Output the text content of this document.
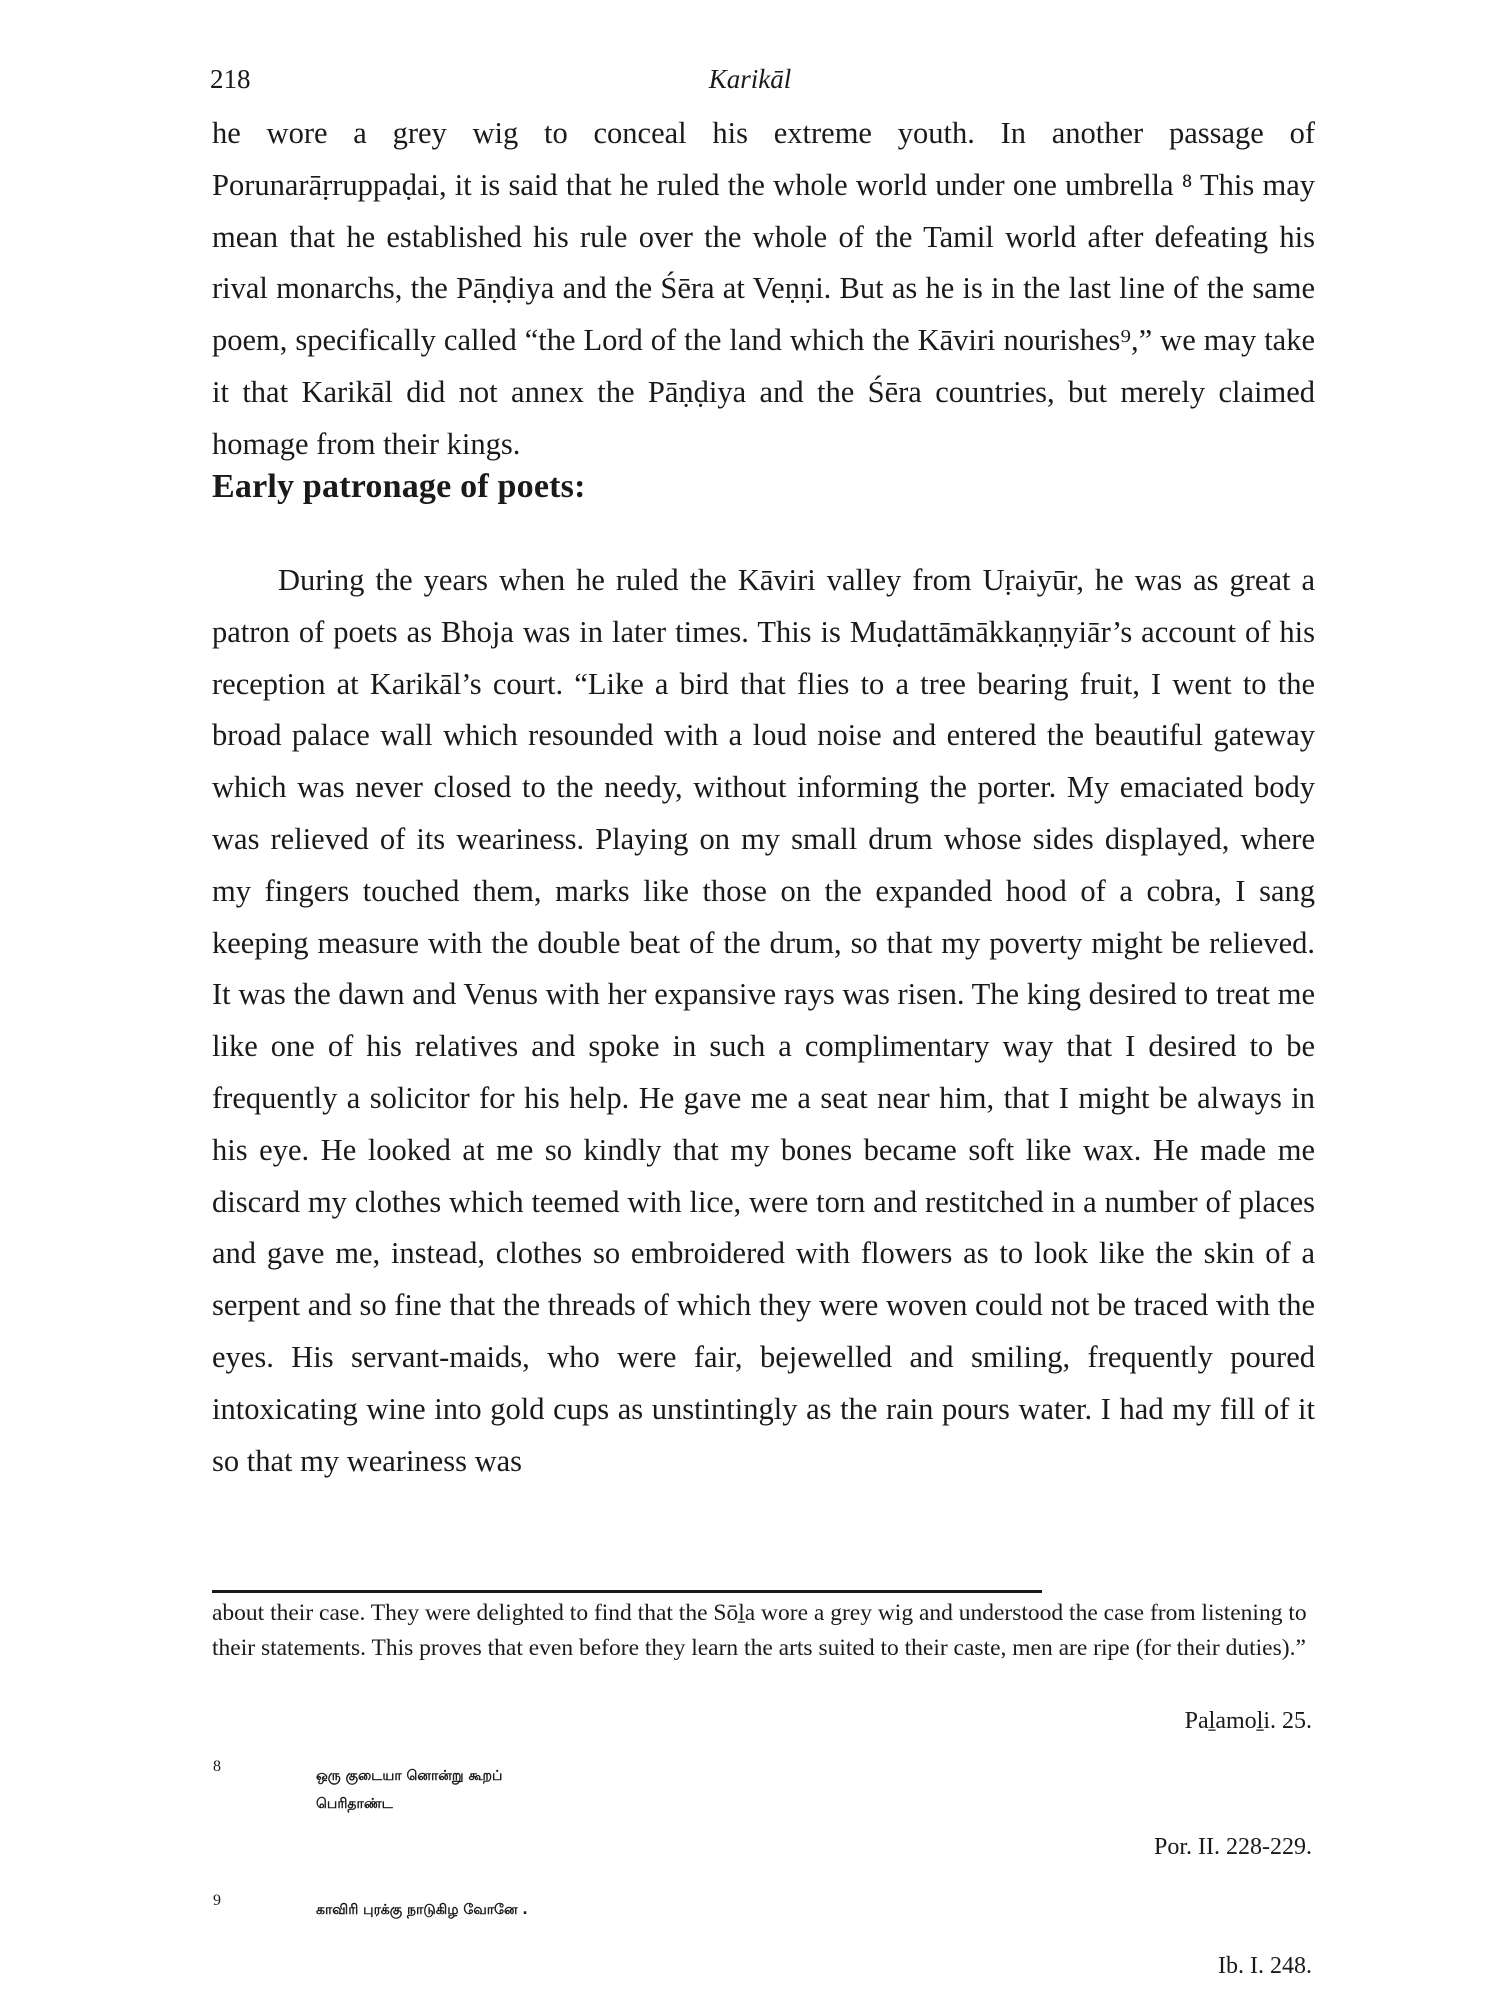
218	Karikāl

he wore a grey wig to conceal his extreme youth. In another passage of Porunarāṛruppaḍai, it is said that he ruled the whole world under one umbrella ⁸ This may mean that he established his rule over the whole of the Tamil world after defeating his rival monarchs, the Pāṇḍiya and the Śēra at Veṇṇi. But as he is in the last line of the same poem, specifically called “the Lord of the land which the Kāviri nourishes⁹,” we may take it that Karikāl did not annex the Pāṇḍiya and the Śēra countries, but merely claimed homage from their kings.

Early patronage of poets:

During the years when he ruled the Kāviri valley from Uṛaiyūr, he was as great a patron of poets as Bhoja was in later times. This is Muḍattāmākkaṇṇyiār’s account of his reception at Karikāl’s court. “Like a bird that flies to a tree bearing fruit, I went to the broad palace wall which resounded with a loud noise and entered the beautiful gateway which was never closed to the needy, without informing the porter. My emaciated body was relieved of its weariness. Playing on my small drum whose sides displayed, where my fingers touched them, marks like those on the expanded hood of a cobra, I sang keeping measure with the double beat of the drum, so that my poverty might be relieved. It was the dawn and Venus with her expansive rays was risen. The king desired to treat me like one of his relatives and spoke in such a complimentary way that I desired to be frequently a solicitor for his help. He gave me a seat near him, that I might be always in his eye. He looked at me so kindly that my bones became soft like wax. He made me discard my clothes which teemed with lice, were torn and restitched in a number of places and gave me, instead, clothes so embroidered with flowers as to look like the skin of a serpent and so fine that the threads of which they were woven could not be traced with the eyes. His servant-maids, who were fair, bejewelled and smiling, frequently poured intoxicating wine into gold cups as unstintingly as the rain pours water. I had my fill of it so that my weariness was

about their case. They were delighted to find that the Sōḻa wore a grey wig and understood the case from listening to their statements. This proves that even before they learn the arts suited to their caste, men are ripe (for their duties).”

Paḻamoḻi. 25.
8
ஒரு குடையா னொன்று கூறப்
பெரிதாண்ட
Por. II. 228-229.
9
காவிரி புரக்கு நாடுகிழ வோனே .
Ib. I. 248.
